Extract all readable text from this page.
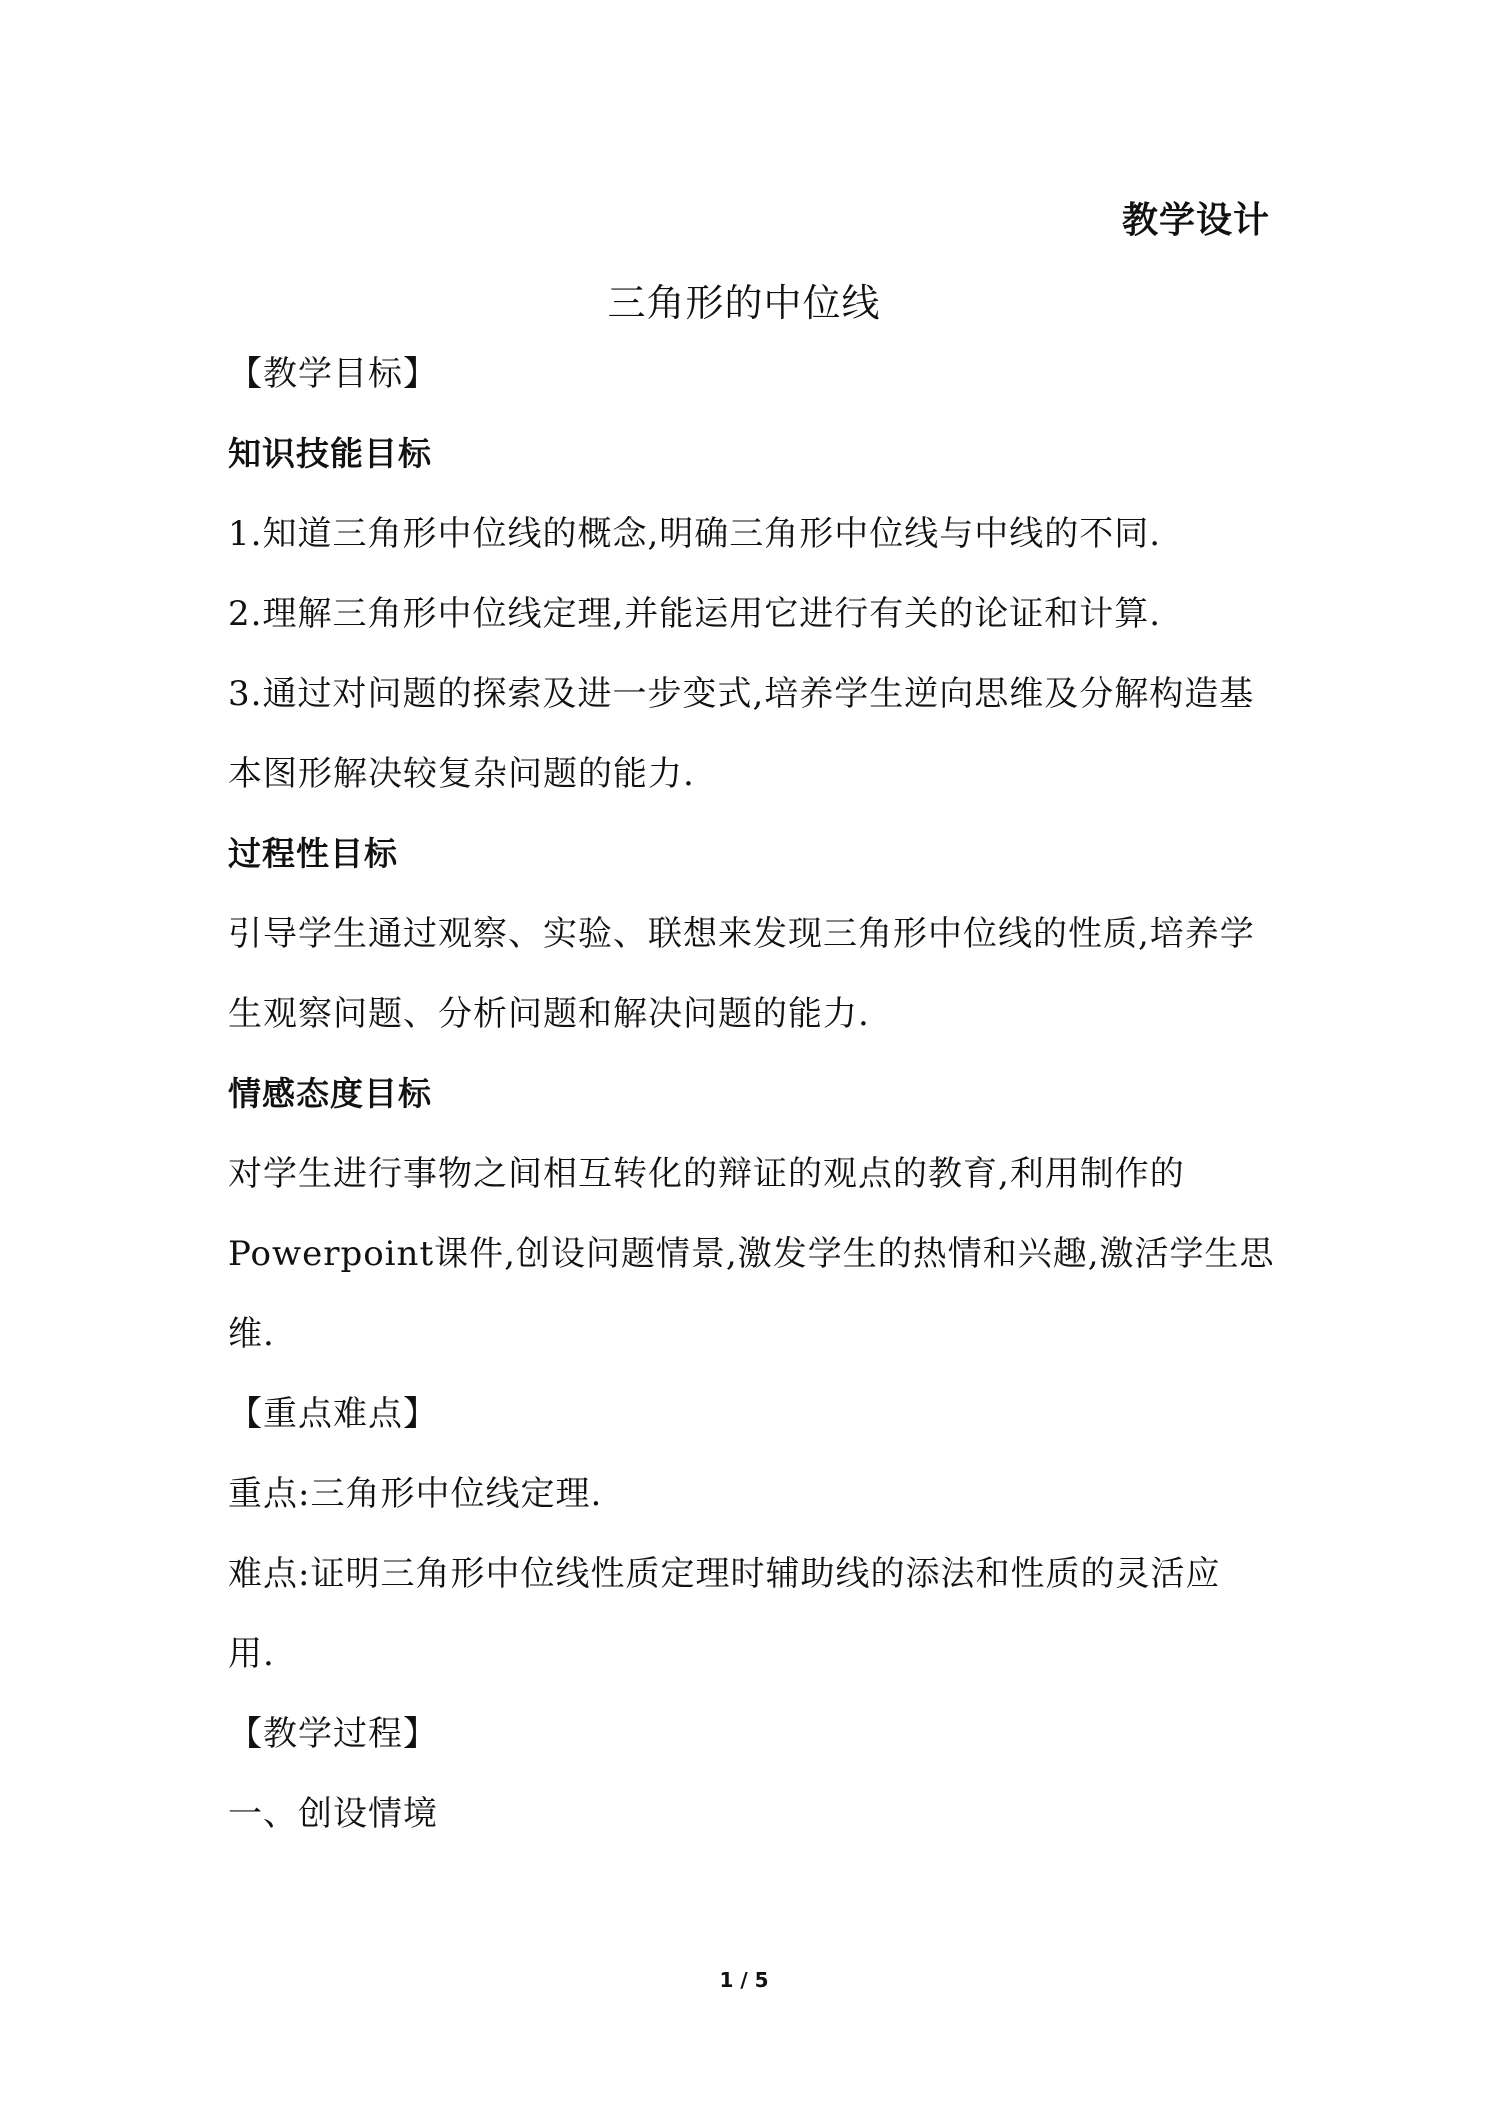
教学设计
三角形的中位线
【教学目标】
知识技能目标
1.知道三角形中位线的概念,明确三角形中位线与中线的不同.
2.理解三角形中位线定理,并能运用它进行有关的论证和计算.
3.通过对问题的探索及进一步变式,培养学生逆向思维及分解构造基
本图形解决较复杂问题的能力.
过程性目标
引导学生通过观察、实验、联想来发现三角形中位线的性质,培养学
生观察问题、分析问题和解决问题的能力.
情感态度目标
对学生进行事物之间相互转化的辩证的观点的教育,利用制作的
Powerpoint课件,创设问题情景,激发学生的热情和兴趣,激活学生思
维.
【重点难点】
重点:三角形中位线定理.
难点:证明三角形中位线性质定理时辅助线的添法和性质的灵活应
用.
【教学过程】
一、创设情境
1 / 5
